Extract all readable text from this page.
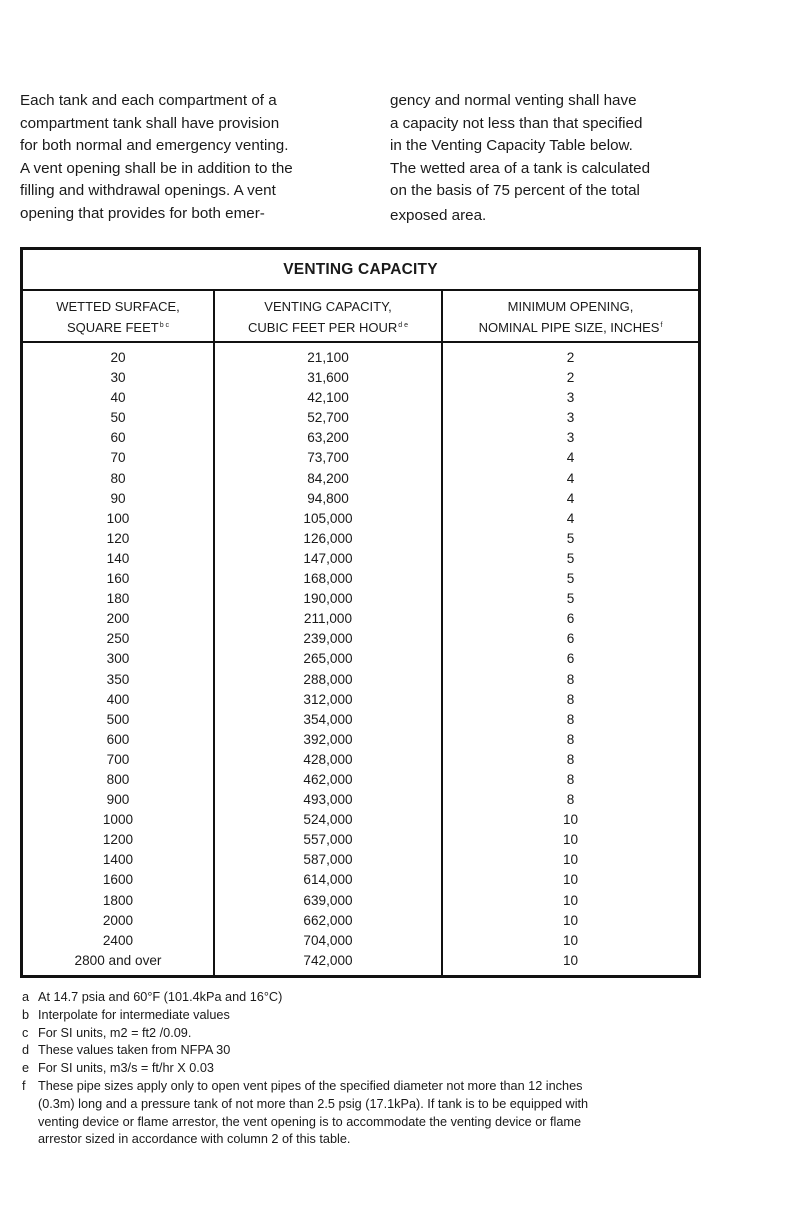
Each tank and each compartment of a

compartment tank shall have provision

for both normal and emergency venting.

A vent opening shall be in addition to the

filling and withdrawal openings. A vent

opening that provides for both emer-

gency and normal venting shall have

a capacity not less than that specified

in the Venting Capacity Table below.

The wetted area of a tank is calculated

on the basis of 75 percent of the total

exposed area.

VENTING CAPACITY
WETTED SURFACE,
SQUARE $FEET^{b c}$
VENTING CAPACITY,
CUBIC FEET PER $HOUR^{d e}$
MINIMUM OPENING,
NOMINAL PIPE SIZE, INCHES$^f$
20
30
40
50
60
70
80
90
100
120
140
160
180
200
250
300
350
400
500
600
700
800
900
1000
1200
1400
1600
1800
2000
2400
2800 and over
21,100
31,600
42,100
52,700
63,200
73,700
84,200
94,800
105,000
126,000
147,000
168,000
190,000
211,000
239,000
265,000
288,000
312,000
354,000
392,000
428,000
462,000
493,000
524,000
557,000
587,000
614,000
639,000
662,000
704,000
742,000
2
2
3
3
3
4
4
4
4
5
5
5
5
6
6
6
8
8
8
8
8
8
8
10
10
10
10
10
10
10
10
a At 14.7 psia and 60°F (101.4kPa and 16°C)
b Interpolate for intermediate values
c For SI units, m2 = ft2 /0.09.
d These values taken from NFPA 30
e For SI units, m3/s = ft/hr X 0.03
f These pipe sizes apply only to open vent pipes of the specified diameter not more than 12 inches
(0.3m) long and a pressure tank of not more than 2.5 psig (17.1kPa). If tank is to be equipped with
venting device or flame arrestor, the vent opening is to accommodate the venting device or flame
arrestor sized in accordance with column 2 of this table.
